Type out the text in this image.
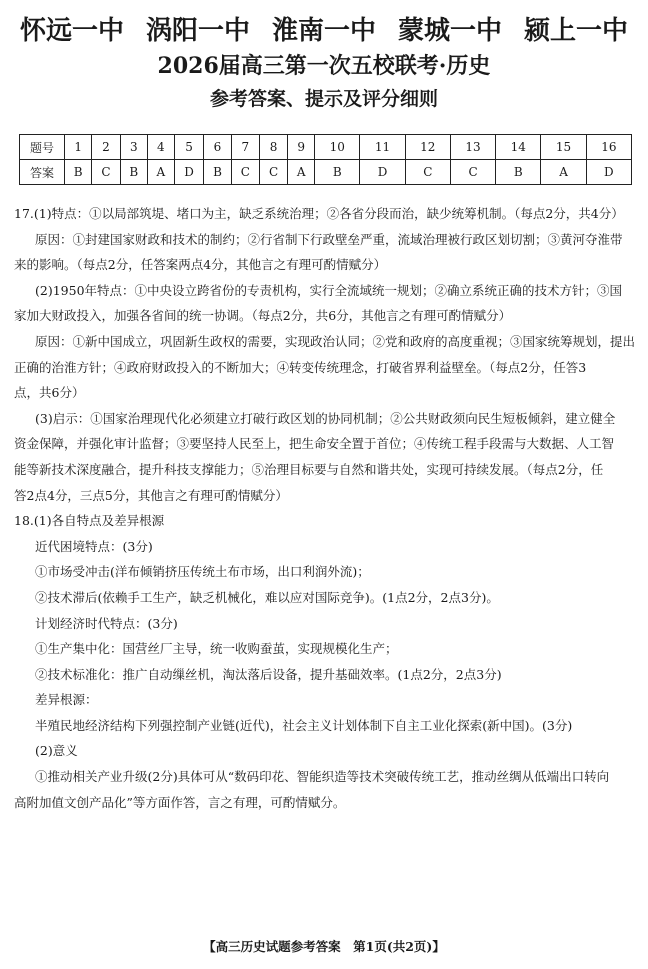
怀远一中 涡阳一中 淮南一中 蒙城一中 颍上一中
2026届高三第一次五校联考·历史
参考答案、提示及评分细则
题号	1	2	3	4	5	6	7	8	9	10	11	12	13	14	15	16
答案	B	C	B	A	D	B	C	C	A	B	D	C	C	B	A	D

17.(1)特点：①以局部筑堤、堵口为主，缺乏系统治理；②各省分段而治，缺少统筹机制。（每点2分，共4分）

原因：①封建国家财政和技术的制约；②行省制下行政壁垒严重，流域治理被行政区划切割；③黄河夺淮带

来的影响。（每点2分，任答案两点4分，其他言之有理可酌情赋分）

(2)1950年特点：①中央设立跨省份的专责机构，实行全流域统一规划；②确立系统正确的技术方针；③国

家加大财政投入，加强各省间的统一协调。（每点2分，共6分，其他言之有理可酌情赋分）

原因：①新中国成立，巩固新生政权的需要，实现政治认同；②党和政府的高度重视；③国家统筹规划，提出

正确的治淮方针；④政府财政投入的不断加大；④转变传统理念，打破省界利益壁垒。（每点2分，任答3

点，共6分）

(3)启示：①国家治理现代化必须建立打破行政区划的协同机制；②公共财政须向民生短板倾斜，建立健全

资金保障，并强化审计监督；③要坚持人民至上，把生命安全置于首位；④传统工程手段需与大数据、人工智

能等新技术深度融合，提升科技支撑能力；⑤治理目标要与自然和谐共处，实现可持续发展。（每点2分，任

答2点4分，三点5分，其他言之有理可酌情赋分）

18.(1)各自特点及差异根源

近代困境特点：(3分)

①市场受冲击(洋布倾销挤压传统土布市场，出口利润外流)；

②技术滞后(依赖手工生产，缺乏机械化，难以应对国际竞争)。(1点2分，2点3分)。

计划经济时代特点：(3分)

①生产集中化：国营丝厂主导，统一收购蚕茧，实现规模化生产；

②技术标准化：推广自动缫丝机，淘汰落后设备，提升基础效率。(1点2分，2点3分)

差异根源：

半殖民地经济结构下列强控制产业链(近代)，社会主义计划体制下自主工业化探索(新中国)。(3分)

(2)意义

①推动相关产业升级(2分)具体可从“数码印花、智能织造等技术突破传统工艺，推动丝绸从低端出口转向

高附加值文创产品化”等方面作答，言之有理，可酌情赋分。

【高三历史试题参考答案　第1页(共2页)】
